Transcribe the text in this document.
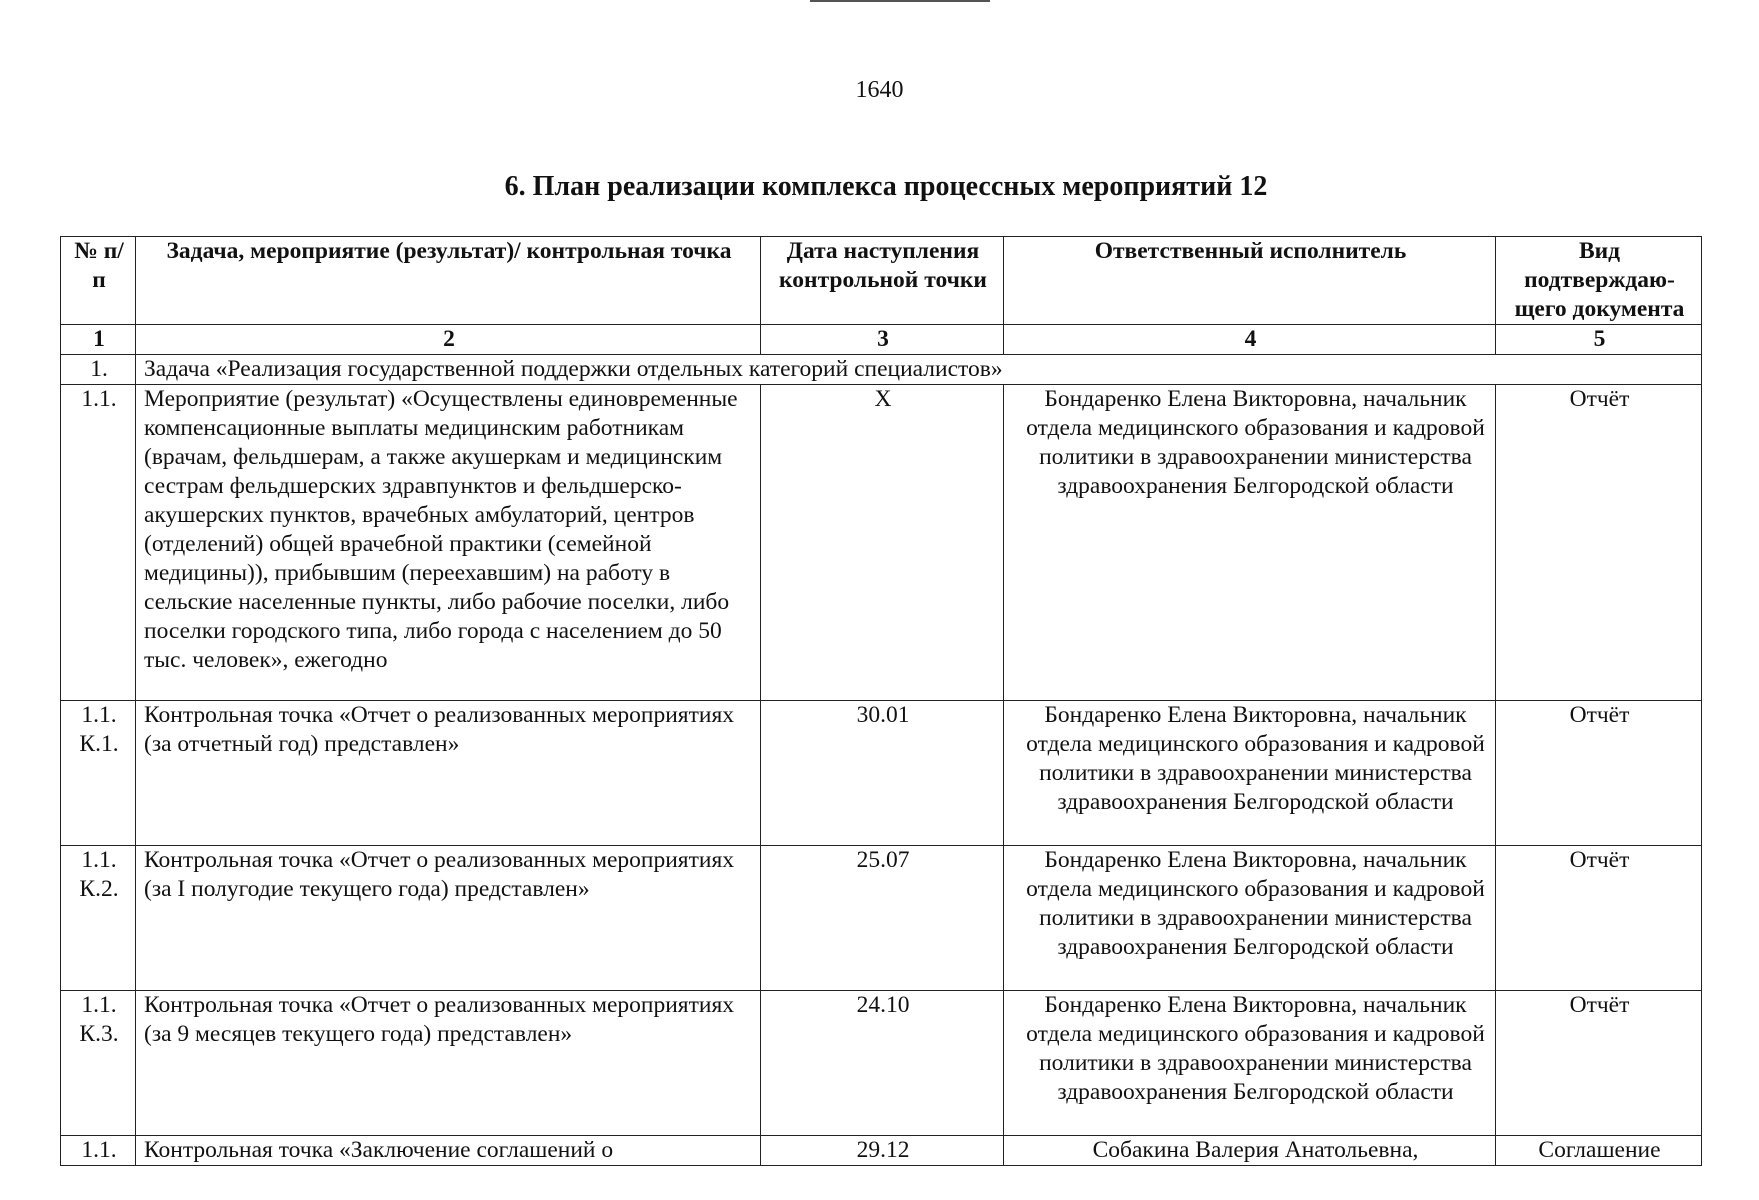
1640
6. План реализации комплекса процессных мероприятий 12
№ п/п	Задача, мероприятие (результат)/ контрольная точка	Дата наступления контрольной точки	Ответственный исполнитель	Вид подтверждаю-щего документа
1	2	3	4	5
1.	Задача «Реализация государственной поддержки отдельных категорий специалистов»			
1.1.	Мероприятие (результат) «Осуществлены единовременные компенсационные выплаты медицинским работникам (врачам, фельдшерам, а также акушеркам и медицинским сестрам фельдшерских здравпунктов и фельдшерско-акушерских пунктов, врачебных амбулаторий, центров (отделений) общей врачебной практики (семейной медицины)), прибывшим (переехавшим) на работу в сельские населенные пункты, либо рабочие поселки, либо поселки городского типа, либо города с населением до 50 тыс. человек», ежегодно	X	Бондаренко Елена Викторовна, начальник отдела медицинского образования и кадровой политики в здравоохранении министерства здравоохранения Белгородской области	Отчёт
1.1. К.1.	Контрольная точка «Отчет о реализованных мероприятиях (за отчетный год) представлен»	30.01	Бондаренко Елена Викторовна, начальник отдела медицинского образования и кадровой политики в здравоохранении министерства здравоохранения Белгородской области	Отчёт
1.1. К.2.	Контрольная точка «Отчет о реализованных мероприятиях (за I полугодие текущего года) представлен»	25.07	Бондаренко Елена Викторовна, начальник отдела медицинского образования и кадровой политики в здравоохранении министерства здравоохранения Белгородской области	Отчёт
1.1. К.3.	Контрольная точка «Отчет о реализованных мероприятиях (за 9 месяцев текущего года) представлен»	24.10	Бондаренко Елена Викторовна, начальник отдела медицинского образования и кадровой политики в здравоохранении министерства здравоохранения Белгородской области	Отчёт
1.1.	Контрольная точка «Заключение соглашений о	29.12	Собакина Валерия Анатольевна,	Соглашение
